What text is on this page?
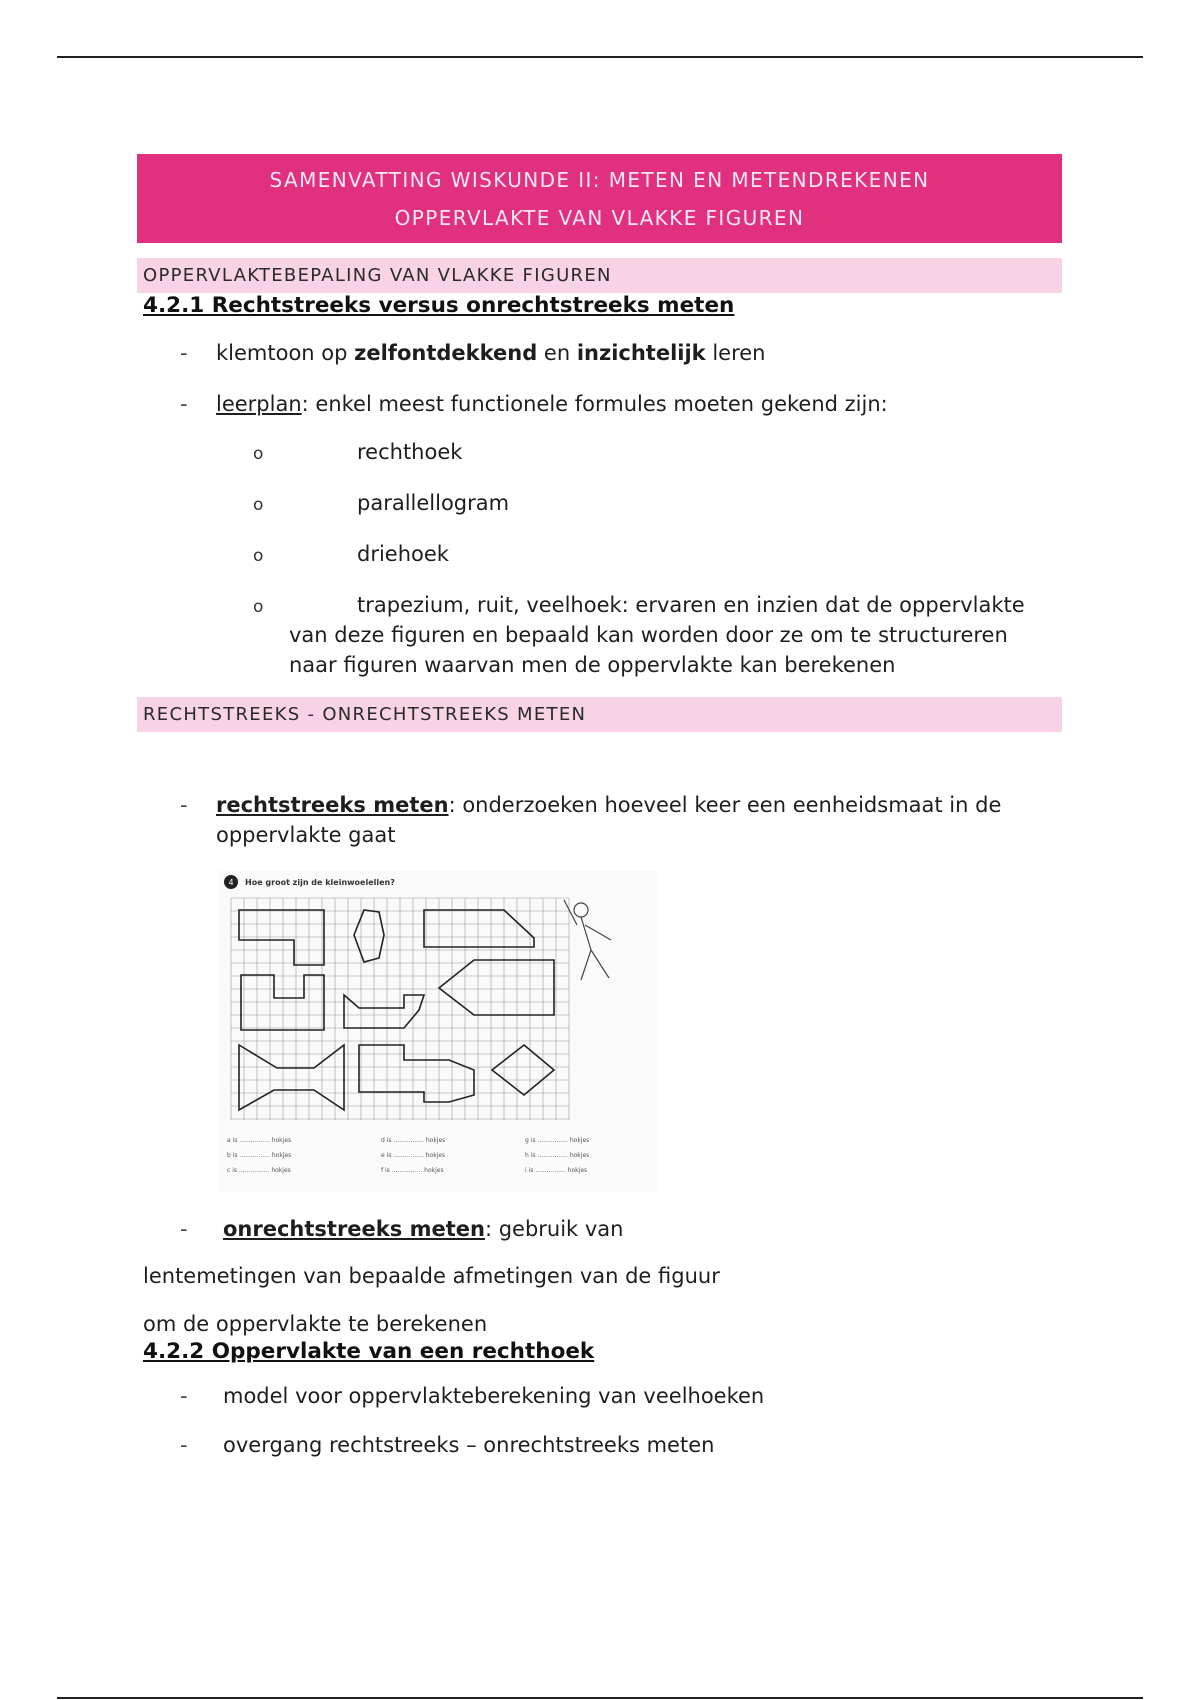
SAMENVATTING WISKUNDE II: METEN EN METENDREKENEN
OPPERVLAKTE VAN VLAKKE FIGUREN
OPPERVLAKTEBEPALING VAN VLAKKE FIGUREN
4.2.1 Rechtstreeks versus onrechtstreeks meten
- klemtoon op zelfontdekkend en inzichtelijk leren
- leerplan: enkel meest functionele formules moeten gekend zijn:
o	rechthoek
o	parallellogram
o	driehoek
o	trapezium, ruit, veelhoek: ervaren en inzien dat de oppervlakte van deze figuren en bepaald kan worden door ze om te structureren naar figuren waarvan men de oppervlakte kan berekenen
RECHTSTREEKS - ONRECHTSTREEKS METEN
- rechtstreeks meten: onderzoeken hoeveel keer een eenheidsmaat in de oppervlakte gaat
4 Hoe groot zijn de kleinwoelellen?
a is ................ hokjes
b is ................ hokjes
c is ................ hokjes
d is ................ hokjes
e is ................ hokjes
f is ................ hokjes
g is ................ hokjes
h is ................ hokjes
i is ................ hokjes
- onrechtstreeks meten: gebruik van
lentemetingen van bepaalde afmetingen van de figuur
om de oppervlakte te berekenen
4.2.2 Oppervlakte van een rechthoek
- model voor oppervlakteberekening van veelhoeken
- overgang rechtstreeks – onrechtstreeks meten
